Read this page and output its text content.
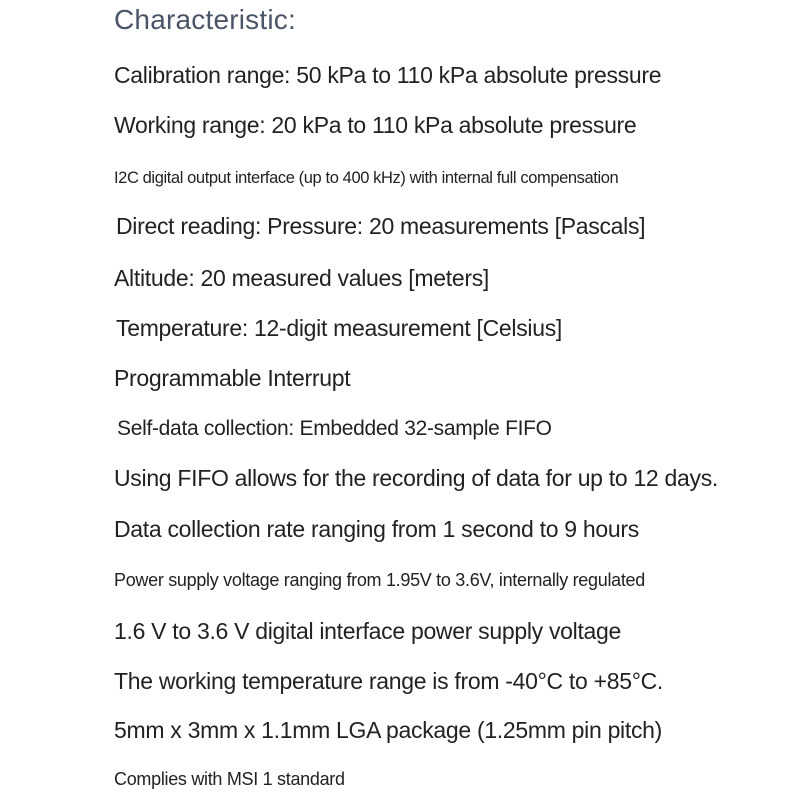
Characteristic:
Calibration range: 50 kPa to 110 kPa absolute pressure
Working range: 20 kPa to 110 kPa absolute pressure
I2C digital output interface (up to 400 kHz) with internal full compensation
Direct reading: Pressure: 20 measurements [Pascals]
Altitude: 20 measured values [meters]
Temperature: 12-digit measurement [Celsius]
Programmable Interrupt
Self-data collection: Embedded 32-sample FIFO
Using FIFO allows for the recording of data for up to 12 days.
Data collection rate ranging from 1 second to 9 hours
Power supply voltage ranging from 1.95V to 3.6V, internally regulated
1.6 V to 3.6 V digital interface power supply voltage
The working temperature range is from -40°C to +85°C.
5mm x 3mm x 1.1mm LGA package (1.25mm pin pitch)
Complies with MSI 1 standard
